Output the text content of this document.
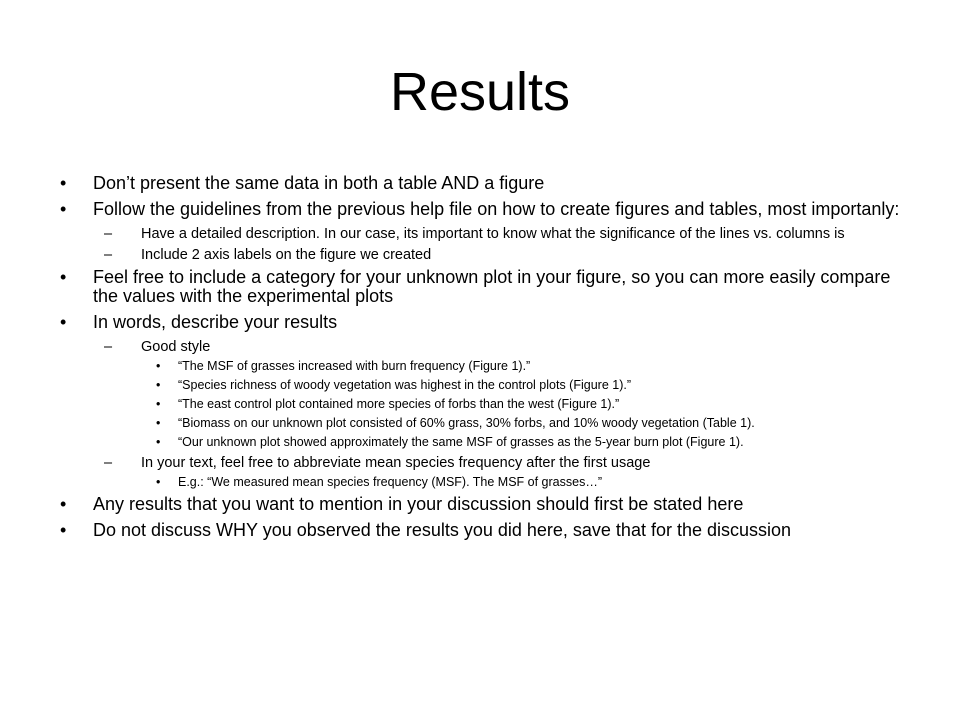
Results
• Don’t present the same data in both a table AND a figure
• Follow the guidelines from the previous help file on how to create figures and tables, most importanly:
– Have a detailed description. In our case, its important to know what the significance of the lines vs. columns is
– Include 2 axis labels on the figure we created
• Feel free to include a category for your unknown plot in your figure, so you can more easily compare the values with the experimental plots
• In words, describe your results
– Good style
• “The MSF of grasses increased with burn frequency (Figure 1).”
• “Species richness of woody vegetation was highest in the control plots (Figure 1).”
• “The east control plot contained more species of forbs than the west (Figure 1).”
• “Biomass on our unknown plot consisted of 60% grass, 30% forbs, and 10% woody vegetation (Table 1).
• “Our unknown plot showed approximately the same MSF of grasses as the 5-year burn plot (Figure 1).
– In your text, feel free to abbreviate mean species frequency after the first usage
• E.g.: “We measured mean species frequency (MSF). The MSF of grasses…”
• Any results that you want to mention in your discussion should first be stated here
• Do not discuss WHY you observed the results you did here, save that for the discussion
